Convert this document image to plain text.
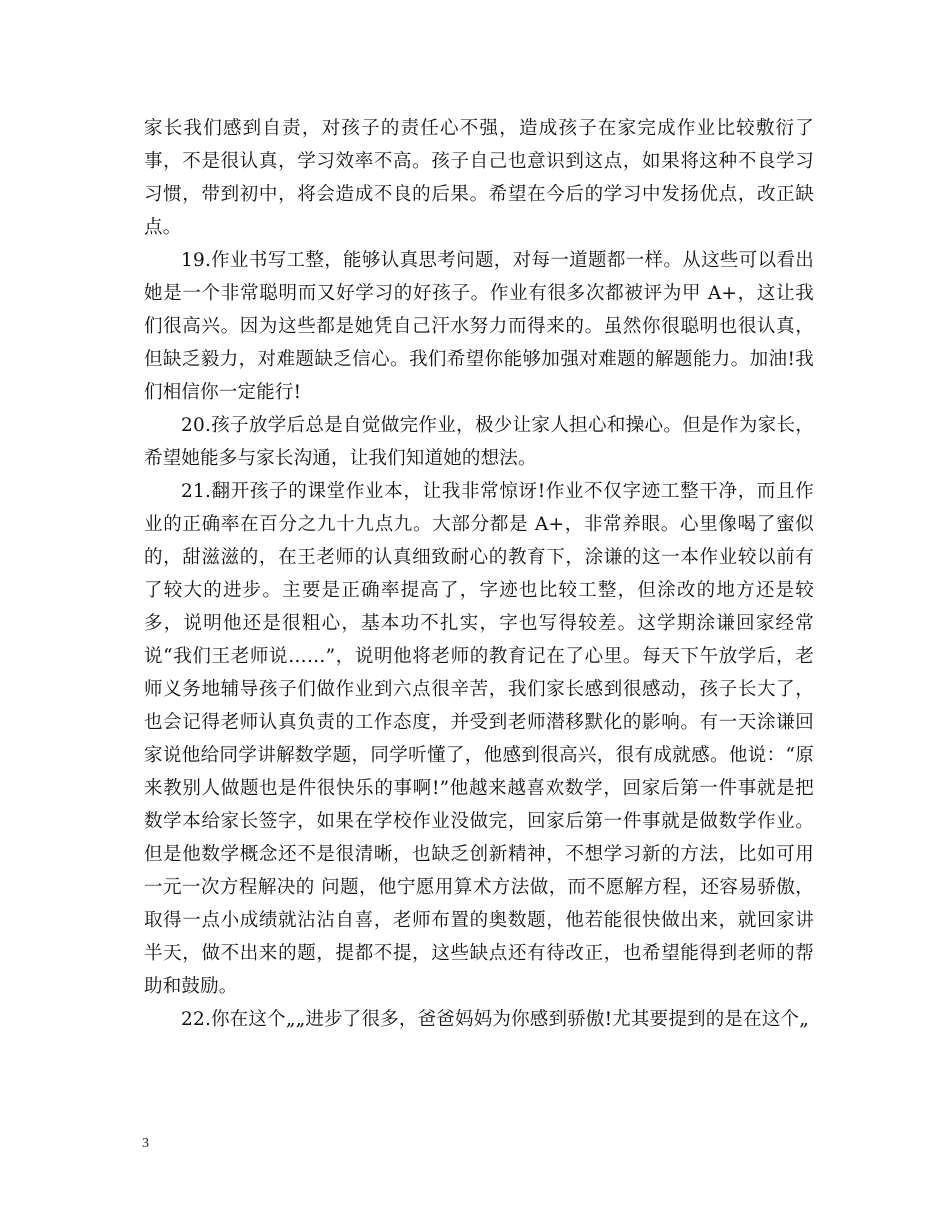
家长我们感到自责，对孩子的责任心不强，造成孩子在家完成作业比较敷衍了事，不是很认真，学习效率不高。孩子自己也意识到这点，如果将这种不良学习习惯，带到初中，将会造成不良的后果。希望在今后的学习中发扬优点，改正缺点。

19.作业书写工整，能够认真思考问题，对每一道题都一样。从这些可以看出她是一个非常聪明而又好学习的好孩子。作业有很多次都被评为甲 A+，这让我们很高兴。因为这些都是她凭自己汗水努力而得来的。虽然你很聪明也很认真，但缺乏毅力，对难题缺乏信心。我们希望你能够加强对难题的解题能力。加油!我们相信你一定能行!

20.孩子放学后总是自觉做完作业，极少让家人担心和操心。但是作为家长，希望她能多与家长沟通，让我们知道她的想法。

21.翻开孩子的课堂作业本，让我非常惊讶!作业不仅字迹工整干净，而且作业的正确率在百分之九十九点九。大部分都是 A+，非常养眼。心里像喝了蜜似的，甜滋滋的，在王老师的认真细致耐心的教育下，涂谦的这一本作业较以前有了较大的进步。主要是正确率提高了，字迹也比较工整，但涂改的地方还是较多，说明他还是很粗心，基本功不扎实，字也写得较差。这学期涂谦回家经常说“我们王老师说……”，说明他将老师的教育记在了心里。每天下午放学后，老师义务地辅导孩子们做作业到六点很辛苦，我们家长感到很感动，孩子长大了，也会记得老师认真负责的工作态度，并受到老师潜移默化的影响。有一天涂谦回家说他给同学讲解数学题，同学听懂了，他感到很高兴，很有成就感。他说：“原来教别人做题也是件很快乐的事啊!”他越来越喜欢数学，回家后第一件事就是把数学本给家长签字，如果在学校作业没做完，回家后第一件事就是做数学作业。但是他数学概念还不是很清晰，也缺乏创新精神，不想学习新的方法，比如可用一元一次方程解决的 问题，他宁愿用算术方法做，而不愿解方程，还容易骄傲，取得一点小成绩就沾沾自喜，老师布置的奥数题，他若能很快做出来，就回家讲半天，做不出来的题，提都不提，这些缺点还有待改正，也希望能得到老师的帮助和鼓励。

22.你在这个„„进步了很多，爸爸妈妈为你感到骄傲!尤其要提到的是在这个„

3
